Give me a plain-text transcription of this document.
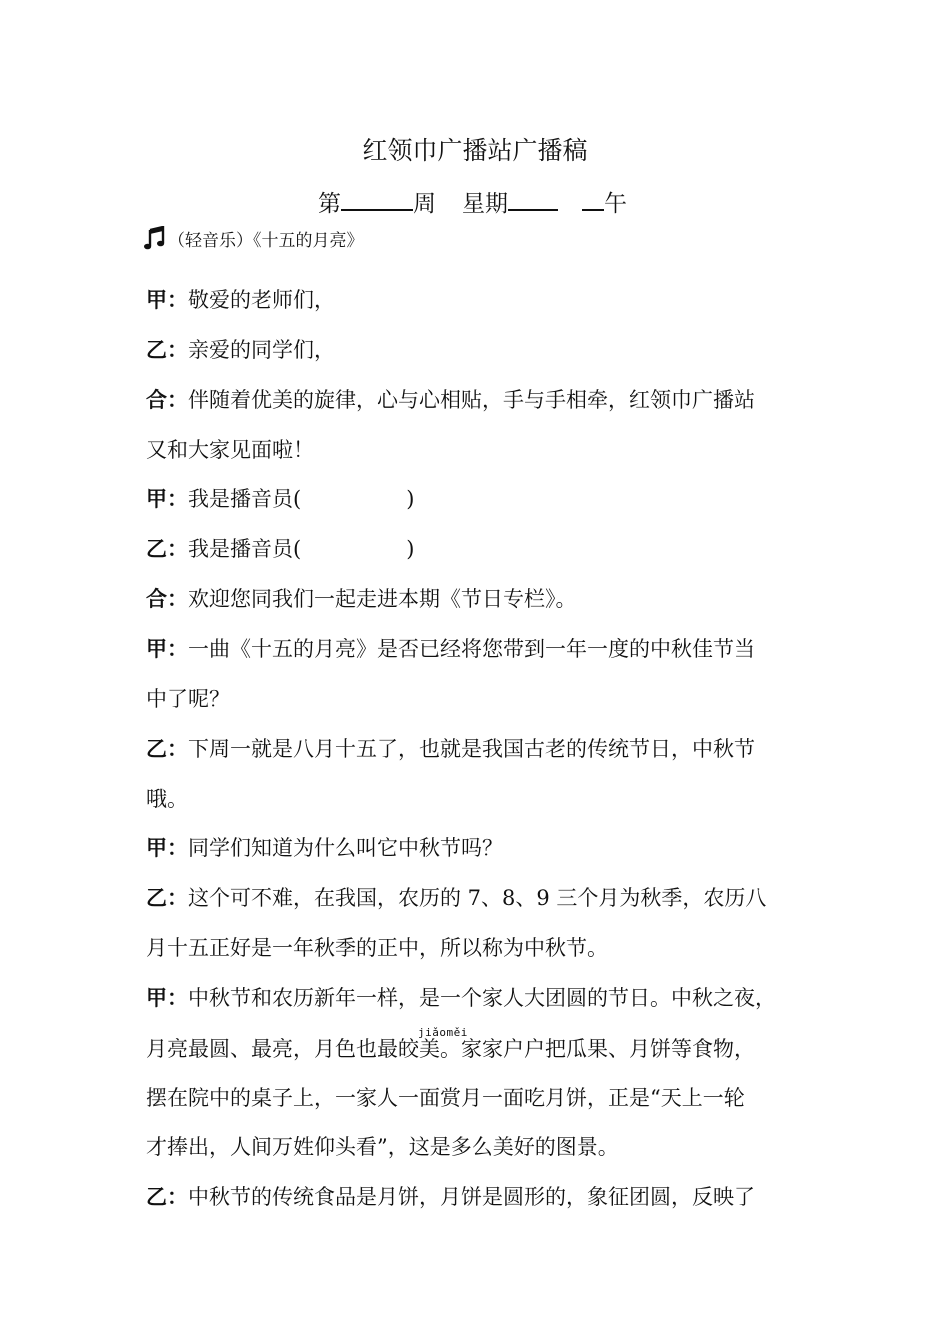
红领巾广播站广播稿
第	周 星期	午
（轻音乐）《十五的月亮》
甲：敬爱的老师们，
乙：亲爱的同学们，
合：伴随着优美的旋律，心与心相贴，手与手相牵，红领巾广播站
又和大家见面啦！
甲：我是播音员(　　　　　)
乙：我是播音员(　　　　　)
合：欢迎您同我们一起走进本期《节日专栏》。
甲：一曲《十五的月亮》是否已经将您带到一年一度的中秋佳节当
中了呢？
乙：下周一就是八月十五了，也就是我国古老的传统节日，中秋节
哦。
甲：同学们知道为什么叫它中秋节吗？
乙：这个可不难，在我国，农历的 7、8、9 三个月为秋季，农历八
月十五正好是一年秋季的正中，所以称为中秋节。
甲：中秋节和农历新年一样，是一个家人大团圆的节日。中秋之夜，
月亮最圆、最亮，月色也最皎美。家家户户把瓜果、月饼等食物，
摆在院中的桌子上，一家人一面赏月一面吃月饼，正是“天上一轮
才捧出，人间万姓仰头看”，这是多么美好的图景。
乙：中秋节的传统食品是月饼，月饼是圆形的，象征团圆，反映了
jiǎoměi
